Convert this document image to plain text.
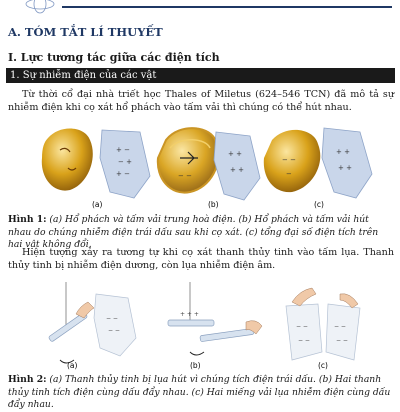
A. TÓM TẮT LÍ THUYẾT
I. Lực tương tác giữa các điện tích
1. Sự nhiễm điện của các vật
Từ thời cổ đại nhà triết học Thales of Miletus (624–546 TCN) đã mô tả sự nhiễm điện khi cọ xát hổ phách vào tấm vải thì chúng có thể hút nhau.
+ −
− +
+ −	− −
+ +
+ +
− −
−
+ +
+ +
(a)	(b)	(c)
Hình 1: (a) Hổ phách và tấm vải trung hoà điện. (b) Hổ phách và tấm vải hút nhau do chúng nhiễm điện trái dấu sau khi cọ xát. (c) tổng đại số điện tích trên hai vật không đổi.
Hiện tượng xảy ra tương tự khi cọ xát thanh thủy tinh vào tấm lụa. Thanh thủy tinh bị nhiễm điện dương, còn lụa nhiễm điện âm.
− −
− −
+ + +
− −	− −
− −	− −
(a)	(b)	(c)
Hình 2: (a) Thanh thủy tinh bị lụa hút vì chúng tích điện trái dấu. (b) Hai thanh thủy tinh tích điện cùng dấu đẩy nhau. (c) Hai miếng vải lụa nhiễm điện cùng dấu đẩy nhau.
